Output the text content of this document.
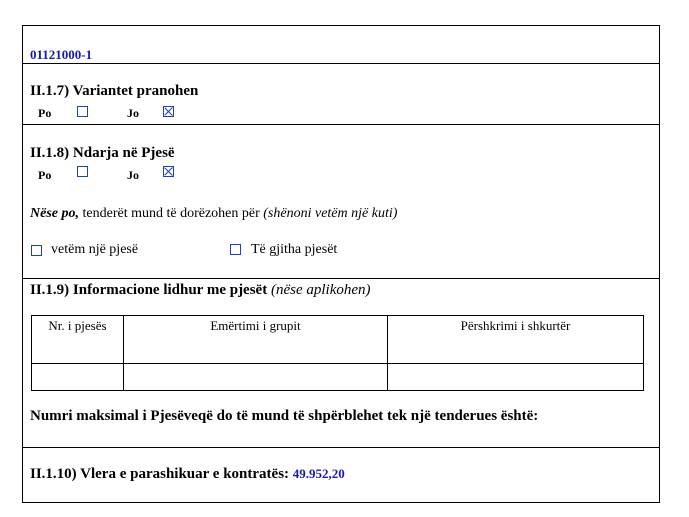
01121000-1
II.1.7) Variantet pranohen
Po	Jo
II.1.8) Ndarja në Pjesë
Po	Jo
Nëse po, tenderët mund të dorëzohen për (shënoni vetëm një kuti)
vetëm një pjesë	Të gjitha pjesët
II.1.9) Informacione lidhur me pjesët (nëse aplikohen)
Nr. i pjesës	Emërtimi i grupit	Përshkrimi i shkurtër

Numri maksimal i Pjesëveqë do të mund të shpërblehet tek një tenderues është:
II.1.10) Vlera e parashikuar e kontratës: 49.952,20
